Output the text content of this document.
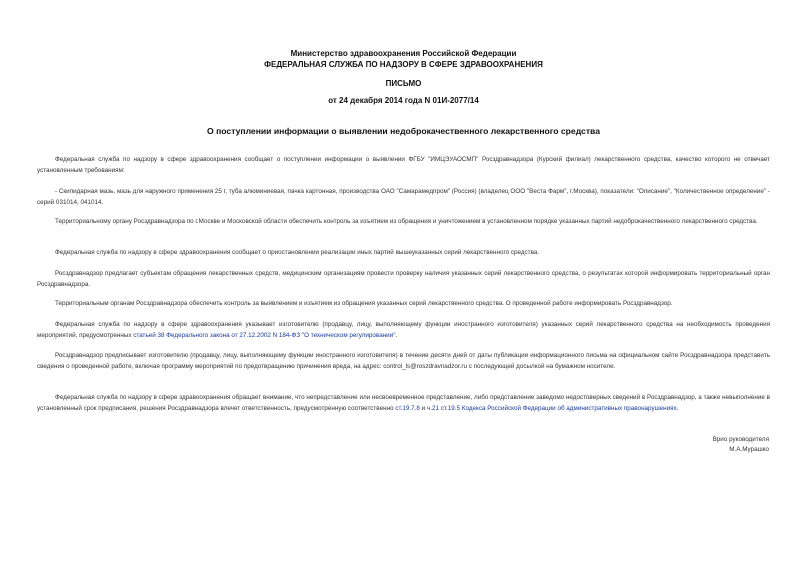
Министерство здравоохранения Российской Федерации
ФЕДЕРАЛЬНАЯ СЛУЖБА ПО НАДЗОРУ В СФЕРЕ ЗДРАВООХРАНЕНИЯ
ПИСЬМО
от 24 декабря 2014 года N 01И-2077/14
О поступлении информации о выявлении недоброкачественного лекарственного средства

Федеральная служба по надзору в сфере здравоохранения сообщает о поступлении информации о выявлении ФГБУ "ИМЦЭУАОСМП" Росздравнадзора (Курский филиал) лекарственного средства, качество которого не отвечает установленным требованиям:

- Скипидарная мазь, мазь для наружного применения 25 г, туба алюминиевая, пачка картонная, производства ОАО "Самарамедпром" (Россия) (владелец ООО "Веста Фарм", г.Москва), показатели: "Описание", "Количественное определение" - серий 031014, 041014.

Территориальному органу Росздравнадзора по г.Москве и Московской области обеспечить контроль за изъятием из обращения и уничтожением в установленном порядке указанных партий недоброкачественного лекарственного средства.

Федеральная служба по надзору в сфере здравоохранения сообщает о приостановлении реализации иных партий вышеуказанных серий лекарственного средства.

Росздравнадзор предлагает субъектам обращения лекарственных средств, медицинским организациям провести проверку наличия указанных серий лекарственного средства, о результатах которой информировать территориальный орган Росздравнадзора.

Территориальным органам Росздравнадзора обеспечить контроль за выявлением и изъятием из обращения указанных серий лекарственного средства. О проведенной работе информировать Росздравнадзор.

Федеральная служба по надзору в сфере здравоохранения указывает изготовителю (продавцу, лицу, выполняющему функции иностранного изготовителя) указанных серий лекарственного средства на необходимость проведения мероприятий, предусмотренных статьей 38 Федерального закона от 27.12.2002 N 184-ФЗ "О техническом регулировании".

Росздравнадзор предписывает изготовителю (продавцу, лицу, выполняющему функции иностранного изготовителя) в течение десяти дней от даты публикации информационного письма на официальном сайте Росздравнадзора представить сведения о проведенной работе, включая программу мероприятий по предотвращению причинения вреда, на адрес: control_ls@roszdravnadzor.ru с последующей досылкой на бумажном носителе.

Федеральная служба по надзору в сфере здравоохранения обращает внимание, что непредставление или несвоевременное представление, либо представление заведомо недостоверных сведений в Росздравнадзор, а также невыполнение в установленный срок предписания, решения Росздравнадзора влечет ответственность, предусмотренную соответственно ст.19.7.8 и ч.21 ст.19.5 Кодекса Российской Федерации об административных правонарушениях.

Врио руководителя
М.А.Мурашко
